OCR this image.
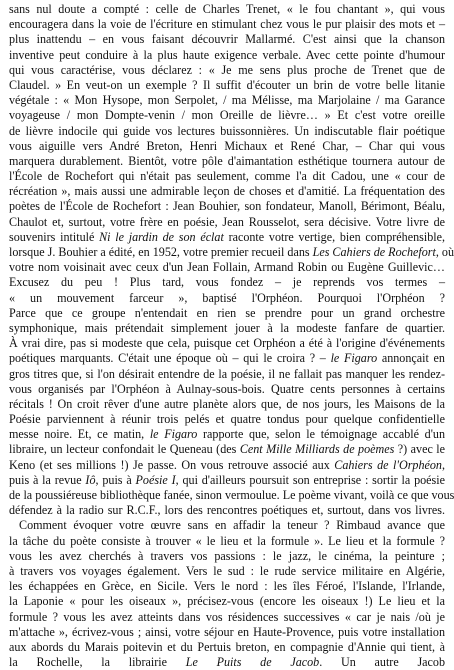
sans nul doute a compté : celle de Charles Trenet, « le fou chantant », qui vous
encouragera dans la voie de l'écriture en stimulant chez vous le pur plaisir des mots et –
plus inattendu – en vous faisant découvrir Mallarmé. C'est ainsi que la chanson
inventive peut conduire à la plus haute exigence verbale. Avec cette pointe d'humour
qui vous caractérise, vous déclarez : « Je me sens plus proche de Trenet que de
Claudel. » En veut-on un exemple ? Il suffit d'écouter un brin de votre belle litanie
végétale : « Mon Hysope, mon Serpolet, / ma Mélisse, ma Marjolaine / ma Garance
voyageuse / mon Dompte-venin / mon Oreille de lièvre… » Et c'est votre oreille
de lièvre indocile qui guide vos lectures buissonnières. Un indiscutable flair poétique
vous aiguille vers André Breton, Henri Michaux et René Char, – Char qui vous
marquera durablement. Bientôt, votre pôle d'aimantation esthétique tournera autour de
l'École de Rochefort qui n'était pas seulement, comme l'a dit Cadou, une « cour de
récréation », mais aussi une admirable leçon de choses et d'amitié. La fréquentation des
poètes de l'École de Rochefort : Jean Bouhier, son fondateur, Manoll, Bérimont, Béalu,
Chaulot et, surtout, votre frère en poésie, Jean Rousselot, sera décisive. Votre livre de
souvenirs intitulé Ni le jardin de son éclat raconte votre vertige, bien compréhensible,
lorsque J. Bouhier a édité, en 1952, votre premier recueil dans Les Cahiers de Rochefort, où
votre nom voisinait avec ceux d'un Jean Follain, Armand Robin ou Eugène Guillevic…
Excusez du peu ! Plus tard, vous fondez – je reprends vos termes –
« un mouvement farceur », baptisé l'Orphéon. Pourquoi l'Orphéon ?
Parce que ce groupe n'entendait en rien se prendre pour un grand orchestre
symphonique, mais prétendait simplement jouer à la modeste fanfare de quartier.
À vrai dire, pas si modeste que cela, puisque cet Orphéon a été à l'origine d'événements
poétiques marquants. C'était une époque où – qui le croira ? – le Figaro annonçait en
gros titres que, si l'on désirait entendre de la poésie, il ne fallait pas manquer les rendez-
vous organisés par l'Orphéon à Aulnay-sous-bois. Quatre cents personnes à certains
récitals ! On croit rêver d'une autre planète alors que, de nos jours, les Maisons de la
Poésie parviennent à réunir trois pelés et quatre tondus pour quelque confidentielle
messe noire. Et, ce matin, le Figaro rapporte que, selon le témoignage accablé d'un
libraire, un lecteur confondait le Queneau (des Cent Mille Milliards de poèmes ?) avec le
Keno (et ses millions !) Je passe. On vous retrouve associé aux Cahiers de l'Orphéon,
puis à la revue Iô, puis à Poésie I, qui d'ailleurs poursuit son entreprise : sortir la poésie
de la poussiéreuse bibliothèque fanée, sinon vermoulue. Le poème vivant, voilà ce que vous
défendez à la radio sur R.C.F., lors des rencontres poétiques et, surtout, dans vos livres.
Comment évoquer votre œuvre sans en affadir la teneur ? Rimbaud avance que
la tâche du poète consiste à trouver « le lieu et la formule ». Le lieu et la formule ?
vous les avez cherchés à travers vos passions : le jazz, le cinéma, la peinture ;
à travers vos voyages également. Vers le sud : le rude service militaire en Algérie,
les échappées en Grèce, en Sicile. Vers le nord : les îles Féroé, l'Islande, l'Irlande,
la Laponie « pour les oiseaux », précisez-vous (encore les oiseaux !) Le lieu et la
formule ? vous les avez atteints dans vos résidences successives « car je nais /où je
m'attache », écrivez-vous ; ainsi, votre séjour en Haute-Provence, puis votre installation
aux abords du Marais poitevin et du Pertuis breton, en compagnie d'Annie qui tient, à
la Rochelle, la librairie Le Puits de Jacob. Un autre Jacob
